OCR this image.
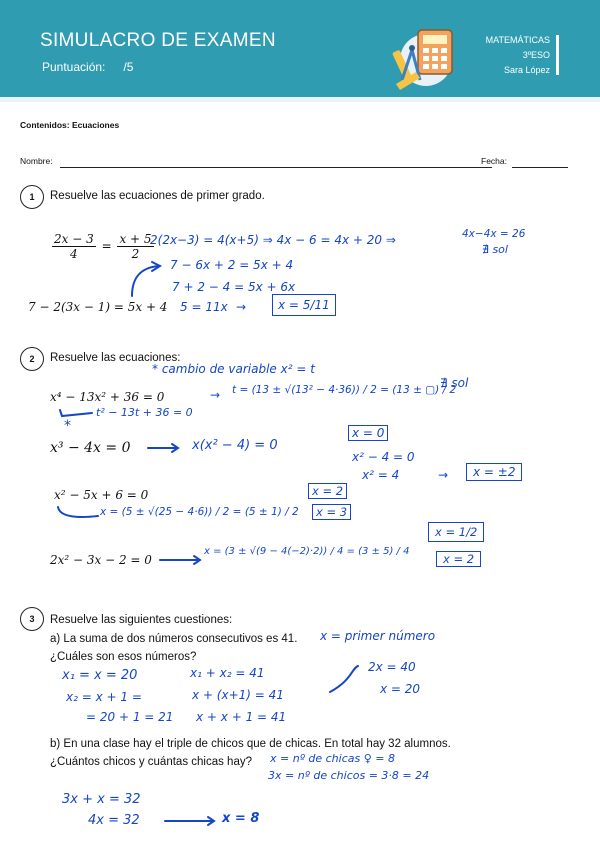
SIMULACRO DE EXAMEN
Puntuación: /5
MATEMÁTICAS
3ºESO
Sara López
Contenidos: Ecuaciones
Nombre:	Fecha:
1	Resuelve las ecuaciones de primer grado.
$\frac{2x - 3}{4} = \frac{x + 5}{2}$
7 − 2(3x − 1) = 5x + 4
2(2x−3) = 4(x+5) ⇒ 4x − 6 = 4x + 20 ⇒	4x−4x = 26
∄ sol
7 − 6x + 2 = 5x + 4
7 + 2 − 4 = 5x + 6x
5 = 11x →	x = 5/11
2	Resuelve las ecuaciones:
* cambio de variable x² = t
x⁴ − 13x² + 36 = 0	→ t = (13 ± √(13² − 4·36)) / 2 = (13 ± ▢) / 2
∄ sol
t² − 13t + 36 = 0
*
x³ − 4x = 0	x(x² − 4) = 0
x = 0
x² − 4 = 0
x² = 4	→	x = ±2
x² − 5x + 6 = 0
x = (5 ± √(25 − 4·6)) / 2 = (5 ± 1) / 2
x = 2
x = 3
2x² − 3x − 2 = 0
x = (3 ± √(9 − 4(−2)·2)) / 4 = (3 ± 5) / 4
x = 1/2
x = 2
3	Resuelve las siguientes cuestiones:
a) La suma de dos números consecutivos es 41.
¿Cuáles son esos números?
x = primer número
x₁ = x = 20
x₂ = x + 1 =
= 20 + 1 = 21
x₁ + x₂ = 41
x + (x+1) = 41
x + x + 1 = 41
2x = 40
x = 20
b) En una clase hay el triple de chicos que de chicas. En total hay 32 alumnos.
¿Cuántos chicos y cuántas chicas hay? x = nº de chicas ♀ = 8
3x = nº de chicos = 3·8 = 24
3x + x = 32
4x = 32	x = 8
